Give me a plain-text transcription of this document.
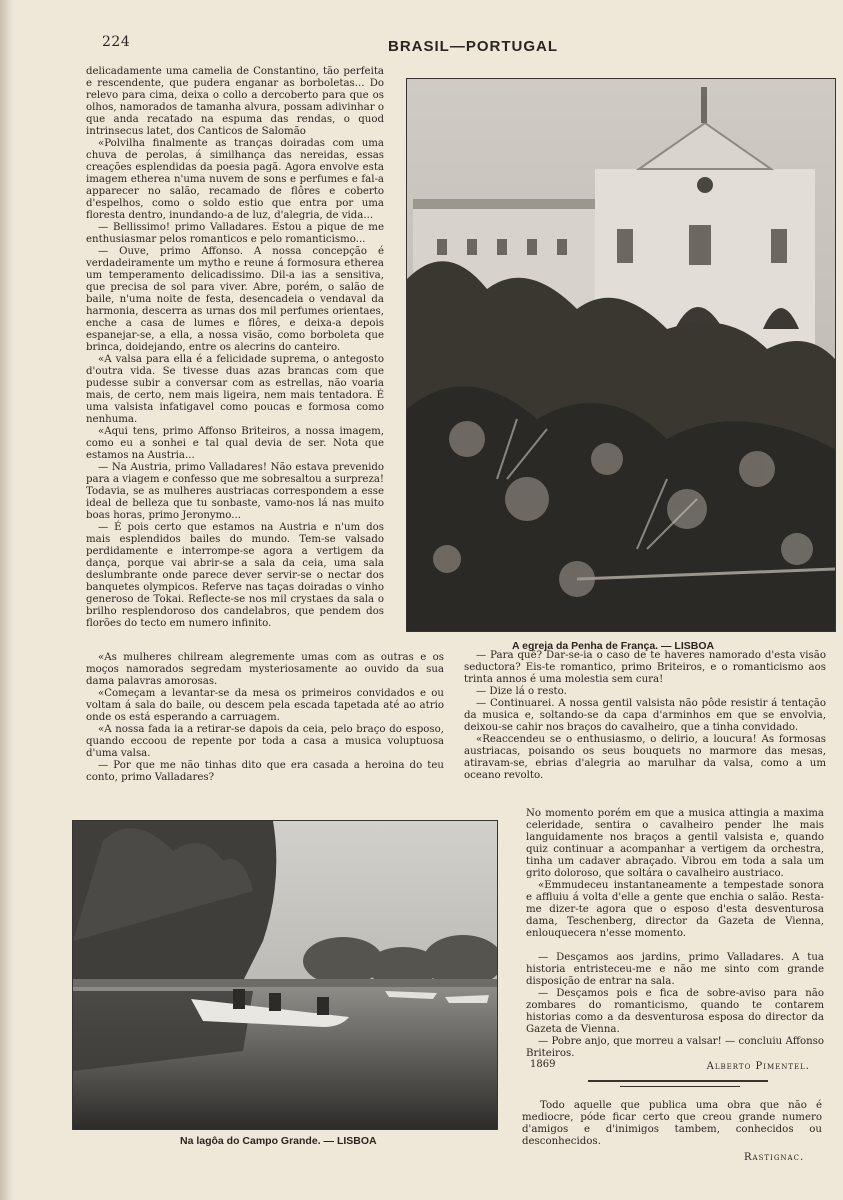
224	BRASIL—PORTUGAL

delicadamente uma camelia de Constantino, tão perfeita e rescendente, que pudera enganar as borboletas... Do relevo para cima, deixa o collo a dercoberto para que os olhos, namorados de tamanha alvura, possam adivinhar o que anda recatado na espuma das rendas, o quod intrinsecus latet, dos Canticos de Salomão

«Polvilha finalmente as tranças doiradas com uma chuva de perolas, á similhança das nereidas, essas creações esplendidas da poesia pagã. Agora envolve esta imagem etherea n'uma nuvem de sons e perfumes e fal-a apparecer no salão, recamado de flôres e coberto d'espelhos, como o soldo estio que entra por uma floresta dentro, inundando-a de luz, d'alegria, de vida...

— Bellissimo! primo Valladares. Estou a pique de me enthusiasmar pelos romanticos e pelo romanticismo...

— Ouve, primo Affonso. A nossa concepção é verdadeiramente um mytho e reune á formosura etherea um temperamento delicadissimo. Dil-a ias a sensitiva, que precisa de sol para viver. Abre, porém, o salão de baile, n'uma noite de festa, desencadeia o vendaval da harmonia, descerra as urnas dos mil perfumes orientaes, enche a casa de lumes e flôres, e deixa-a depois espanejar-se, a ella, a nossa visão, como borboleta que brinca, doidejando, entre os alecrins do canteiro.

«A valsa para ella é a felicidade suprema, o antegosto d'outra vida. Se tivesse duas azas brancas com que pudesse subir a conversar com as estrellas, não voaria mais, de certo, nem mais ligeira, nem mais tentadora. É uma valsista infatigavel como poucas e formosa como nenhuma.

«Aqui tens, primo Affonso Briteiros, a nossa imagem, como eu a sonhei e tal qual devia de ser. Nota que estamos na Austria...

— Na Austria, primo Valladares! Não estava prevenido para a viagem e confesso que me sobresaltou a surpreza! Todavia, se as mulheres austriacas correspondem a esse ideal de belleza que tu sonbaste, vamo-nos lá nas muito boas horas, primo Jeronymo...

— É pois certo que estamos na Austria e n'um dos mais esplendidos bailes do mundo. Tem-se valsado perdidamente e interrompe-se agora a vertigem da dança, porque vai abrir-se a sala da ceia, uma sala deslumbrante onde parece dever servir-se o nectar dos banquetes olympicos. Referve nas taças doiradas o vinho generoso de Tokai. Reflecte-se nos mil crystaes da sala o brilho resplendoroso dos candelabros, que pendem dos florões do tecto em numero infinito.

«As mulheres chilream alegremente umas com as outras e os moços namorados segredam mysteriosamente ao ouvido da sua dama palavras amorosas.

«Começam a levantar-se da mesa os primeiros convidados e ou voltam á sala do baile, ou descem pela escada tapetada até ao atrio onde os está esperando a carruagem.

«A nossa fada ia a retirar-se dapois da ceia, pelo braço do esposo, quando eccoou de repente por toda a casa a musica voluptuosa d'uma valsa.

— Por que me não tinhas dito que era casada a heroina do teu conto, primo Valladares?

A egreja da Penha de França. — LISBOA

— Para quê? Dar-se-ia o caso de te haveres namorado d'esta visão seductora? Eis-te romantico, primo Briteiros, e o romanticismo aos trinta annos é uma molestia sem cura!

— Dize lá o resto.

— Continuarei. A nossa gentil valsista não pôde resistir á tentação da musica e, soltando-se da capa d'arminhos em que se envolvia, deixou-se cahir nos braços do cavalheiro, que a tinha convidado.

«Reaccendeu se o enthusiasmo, o delirio, a loucura! As formosas austriacas, poisando os seus bouquets no marmore das mesas, atiravam-se, ebrias d'alegria ao marulhar da valsa, como a um oceano revolto.

No momento porém em que a musica attingia a maxima celeridade, sentira o cavalheiro pender lhe mais languidamente nos braços a gentil valsista e, quando quiz continuar a acompanhar a vertigem da orchestra, tinha um cadaver abraçado. Vibrou em toda a sala um grito doloroso, que soltára o cavalheiro austriaco.

«Emmudeceu instantaneamente a tempestade sonora e affluiu á volta d'elle a gente que enchia o salão. Resta-me dizer-te agora que o esposo d'esta desventurosa dama, Teschenberg, director da Gazeta de Vienna, enlouquecera n'esse momento.

— Desçamos aos jardins, primo Valladares. A tua historia entristeceu-me e não me sinto com grande disposição de entrar na sala.

— Desçamos pois e fica de sobre-aviso para não zombares do romanticismo, quando te contarem historias como a da desventurosa esposa do director da Gazeta de Vienna.

— Pobre anjo, que morreu a valsar! — concluiu Affonso Briteiros.

1869	Alberto Pimentel.

Todo aquelle que publica uma obra que não é mediocre, póde ficar certo que creou grande numero d'amigos e d'inimigos tambem, conhecidos ou desconhecidos.

Rastignac.
Na lagôa do Campo Grande. — LISBOA
